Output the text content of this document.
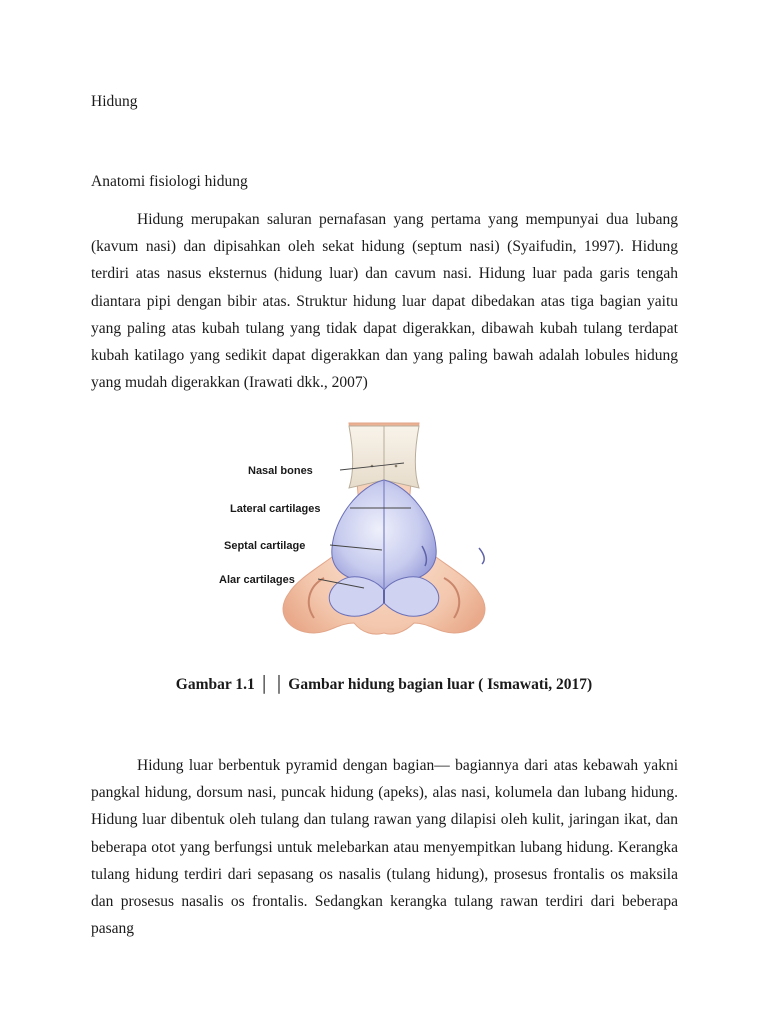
Hidung
Anatomi fisiologi hidung

Hidung merupakan saluran pernafasan yang pertama yang mempunyai dua lubang (kavum nasi) dan dipisahkan oleh sekat hidung (septum nasi) (Syaifudin, 1997). Hidung terdiri atas nasus eksternus (hidung luar) dan cavum nasi. Hidung luar pada garis tengah diantara pipi dengan bibir atas. Struktur hidung luar dapat dibedakan atas tiga bagian yaitu yang paling atas kubah tulang yang tidak dapat digerakkan, dibawah kubah tulang terdapat kubah katilago yang sedikit dapat digerakkan dan yang paling bawah adalah lobules hidung yang mudah digerakkan (Irawati dkk., 2007)

Nasal bones
Lateral cartilages
Septal cartilage
Alar cartilages
Gambar 1.1 │ │ Gambar hidung bagian luar ( Ismawati, 2017)

Hidung luar berbentuk pyramid dengan bagian— bagiannya dari atas kebawah yakni pangkal hidung, dorsum nasi, puncak hidung (apeks), alas nasi, kolumela dan lubang hidung. Hidung luar dibentuk oleh tulang dan tulang rawan yang dilapisi oleh kulit, jaringan ikat, dan beberapa otot yang berfungsi untuk melebarkan atau menyempitkan lubang hidung. Kerangka tulang hidung terdiri dari sepasang os nasalis (tulang hidung), prosesus frontalis os maksila dan prosesus nasalis os frontalis. Sedangkan kerangka tulang rawan terdiri dari beberapa pasang
